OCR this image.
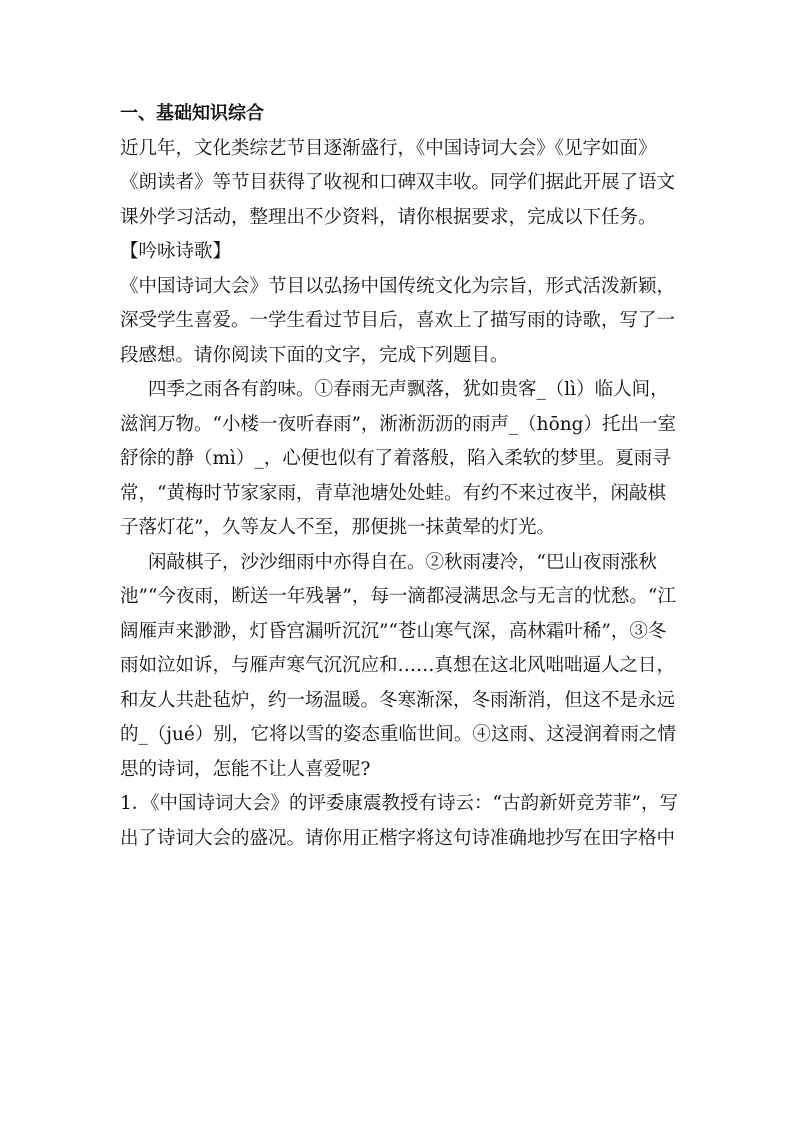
一、基础知识综合
近几年，文化类综艺节目逐渐盛行，《中国诗词大会》《见字如面》
《朗读者》等节目获得了收视和口碑双丰收。同学们据此开展了语文
课外学习活动，整理出不少资料，请你根据要求，完成以下任务。
【吟咏诗歌】
《中国诗词大会》节目以弘扬中国传统文化为宗旨，形式活泼新颖，
深受学生喜爱。一学生看过节目后，喜欢上了描写雨的诗歌，写了一
段感想。请你阅读下面的文字，完成下列题目。
四季之雨各有韵味。①春雨无声飘落，犹如贵客_（lì）临人间，
滋润万物。“小楼一夜听春雨”，淅淅沥沥的雨声_（hōng）托出一室
舒徐的静（mì）_，心便也似有了着落般，陷入柔软的梦里。夏雨寻
常，“黄梅时节家家雨，青草池塘处处蛙。有约不来过夜半，闲敲棋
子落灯花”，久等友人不至，那便挑一抹黄晕的灯光。
闲敲棋子，沙沙细雨中亦得自在。②秋雨凄冷，“巴山夜雨涨秋
池”“今夜雨，断送一年残暑”，每一滴都浸满思念与无言的忧愁。“江
阔雁声来渺渺，灯昏宫漏听沉沉”“苍山寒气深，高林霜叶稀”，③冬
雨如泣如诉，与雁声寒气沉沉应和……真想在这北风咄咄逼人之日，
和友人共赴毡炉，约一场温暖。冬寒渐深，冬雨渐消，但这不是永远
的_（jué）别，它将以雪的姿态重临世间。④这雨、这浸润着雨之情
思的诗词，怎能不让人喜爱呢?
1．《中国诗词大会》的评委康震教授有诗云：“古韵新妍竞芳菲”，写
出了诗词大会的盛况。请你用正楷字将这句诗准确地抄写在田字格中
